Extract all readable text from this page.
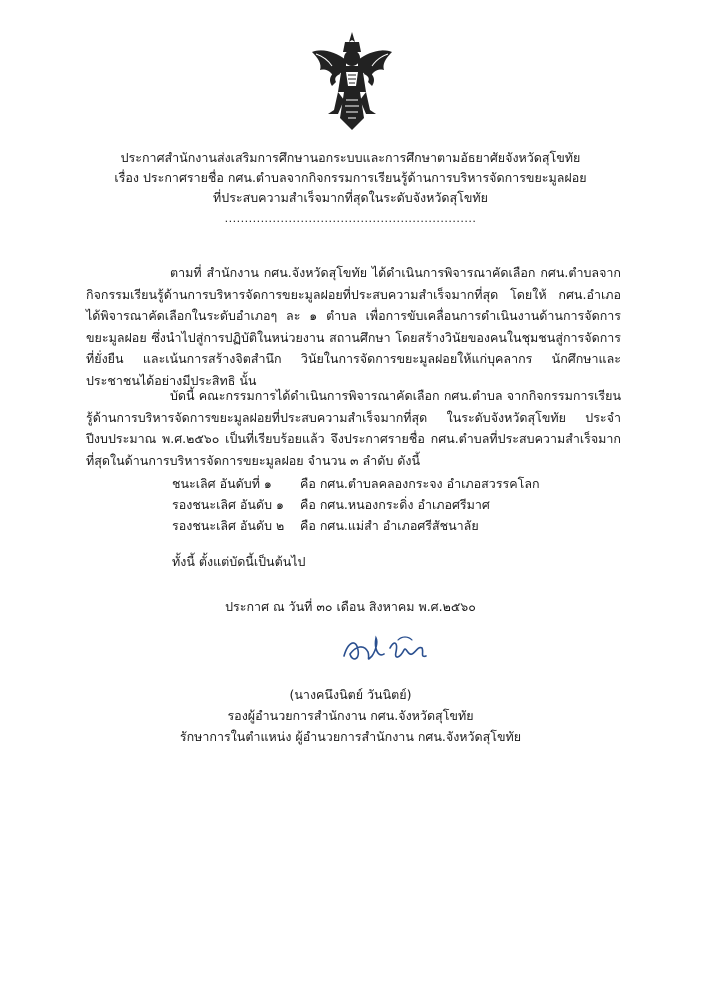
ประกาศสำนักงานส่งเสริมการศึกษานอกระบบและการศึกษาตามอัธยาศัยจังหวัดสุโขทัย
เรื่อง ประกาศรายชื่อ กศน.ตำบลจากกิจกรรมการเรียนรู้ด้านการบริหารจัดการขยะมูลฝอย
ที่ประสบความสำเร็จมากที่สุดในระดับจังหวัดสุโขทัย
...............................................................

ตามที่ สำนักงาน กศน.จังหวัดสุโขทัย ได้ดำเนินการพิจารณาคัดเลือก กศน.ตำบลจากกิจกรรมเรียนรู้ด้านการบริหารจัดการขยะมูลฝอยที่ประสบความสำเร็จมากที่สุด โดยให้ กศน.อำเภอ ได้พิจารณาคัดเลือกในระดับอำเภอๆ ละ ๑ ตำบล เพื่อการขับเคลื่อนการดำเนินงานด้านการจัดการขยะมูลฝอย ซึ่งนำไปสู่การปฏิบัติในหน่วยงาน สถานศึกษา โดยสร้างวินัยของคนในชุมชนสู่การจัดการที่ยั่งยืน และเน้นการสร้างจิตสำนึก วินัยในการจัดการขยะมูลฝอยให้แก่บุคลากร นักศึกษาและประชาชนได้อย่างมีประสิทธิ นั้น

บัดนี้ คณะกรรมการได้ดำเนินการพิจารณาคัดเลือก กศน.ตำบล จากกิจกรรมการเรียนรู้ด้านการบริหารจัดการขยะมูลฝอยที่ประสบความสำเร็จมากที่สุด ในระดับจังหวัดสุโขทัย ประจำปีงบประมาณ พ.ศ.๒๕๖๐ เป็นที่เรียบร้อยแล้ว จึงประกาศรายชื่อ กศน.ตำบลที่ประสบความสำเร็จมากที่สุดในด้านการบริหารจัดการขยะมูลฝอย จำนวน ๓ ลำดับ ดังนี้

ชนะเลิศ อันดับที่ ๑	คือ กศน.ตำบลคลองกระจง อำเภอสวรรคโลก
รองชนะเลิศ อันดับ ๑	คือ กศน.หนองกระดิ่ง อำเภอศรีมาศ
รองชนะเลิศ อันดับ ๒	คือ กศน.แม่สำ อำเภอศรีสัชนาลัย
ทั้งนี้ ตั้งแต่บัดนี้เป็นต้นไป
ประกาศ ณ วันที่ ๓๐ เดือน สิงหาคม พ.ศ.๒๕๖๐
(นางคนึงนิตย์ วันนิตย์)
รองผู้อำนวยการสำนักงาน กศน.จังหวัดสุโขทัย
รักษาการในตำแหน่ง ผู้อำนวยการสำนักงาน กศน.จังหวัดสุโขทัย
